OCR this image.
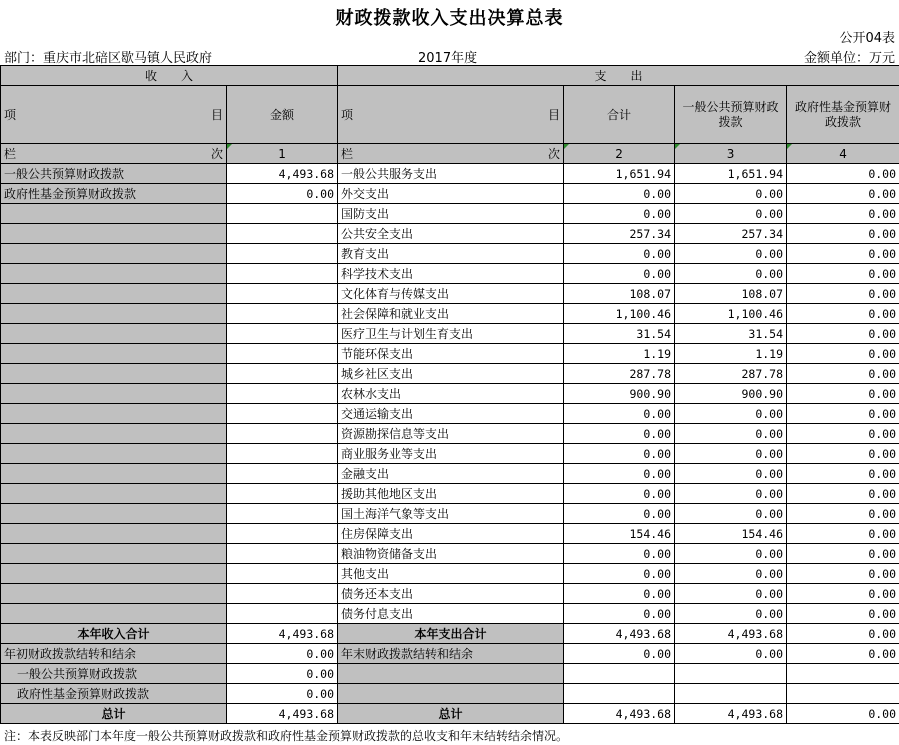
财政拨款收入支出决算总表
公开04表
部门：重庆市北碚区歇马镇人民政府	2017年度	金额单位：万元
收　　入		支　　出			

项 目	金额	项 目	合计	一般公共预算财政拨款	政府性基金预算财政拨款

栏 次	1	栏 次	2	3	4
一般公共预算财政拨款	4,493.68	一般公共服务支出	1,651.94	1,651.94	0.00
政府性基金预算财政拨款	0.00	外交支出	0.00	0.00	0.00
		国防支出	0.00	0.00	0.00
		公共安全支出	257.34	257.34	0.00
		教育支出	0.00	0.00	0.00
		科学技术支出	0.00	0.00	0.00
		文化体育与传媒支出	108.07	108.07	0.00
		社会保障和就业支出	1,100.46	1,100.46	0.00
		医疗卫生与计划生育支出	31.54	31.54	0.00
		节能环保支出	1.19	1.19	0.00
		城乡社区支出	287.78	287.78	0.00
		农林水支出	900.90	900.90	0.00
		交通运输支出	0.00	0.00	0.00
		资源勘探信息等支出	0.00	0.00	0.00
		商业服务业等支出	0.00	0.00	0.00
		金融支出	0.00	0.00	0.00
		援助其他地区支出	0.00	0.00	0.00
		国土海洋气象等支出	0.00	0.00	0.00
		住房保障支出	154.46	154.46	0.00
		粮油物资储备支出	0.00	0.00	0.00
		其他支出	0.00	0.00	0.00
		债务还本支出	0.00	0.00	0.00
		债务付息支出	0.00	0.00	0.00
本年收入合计	4,493.68	本年支出合计	4,493.68	4,493.68	0.00
年初财政拨款结转和结余	0.00	年末财政拨款结转和结余	0.00	0.00	0.00
一般公共预算财政拨款	0.00				
政府性基金预算财政拨款	0.00				
总计	4,493.68	总计	4,493.68	4,493.68	0.00
注：本表反映部门本年度一般公共预算财政拨款和政府性基金预算财政拨款的总收支和年末结转结余情况。
